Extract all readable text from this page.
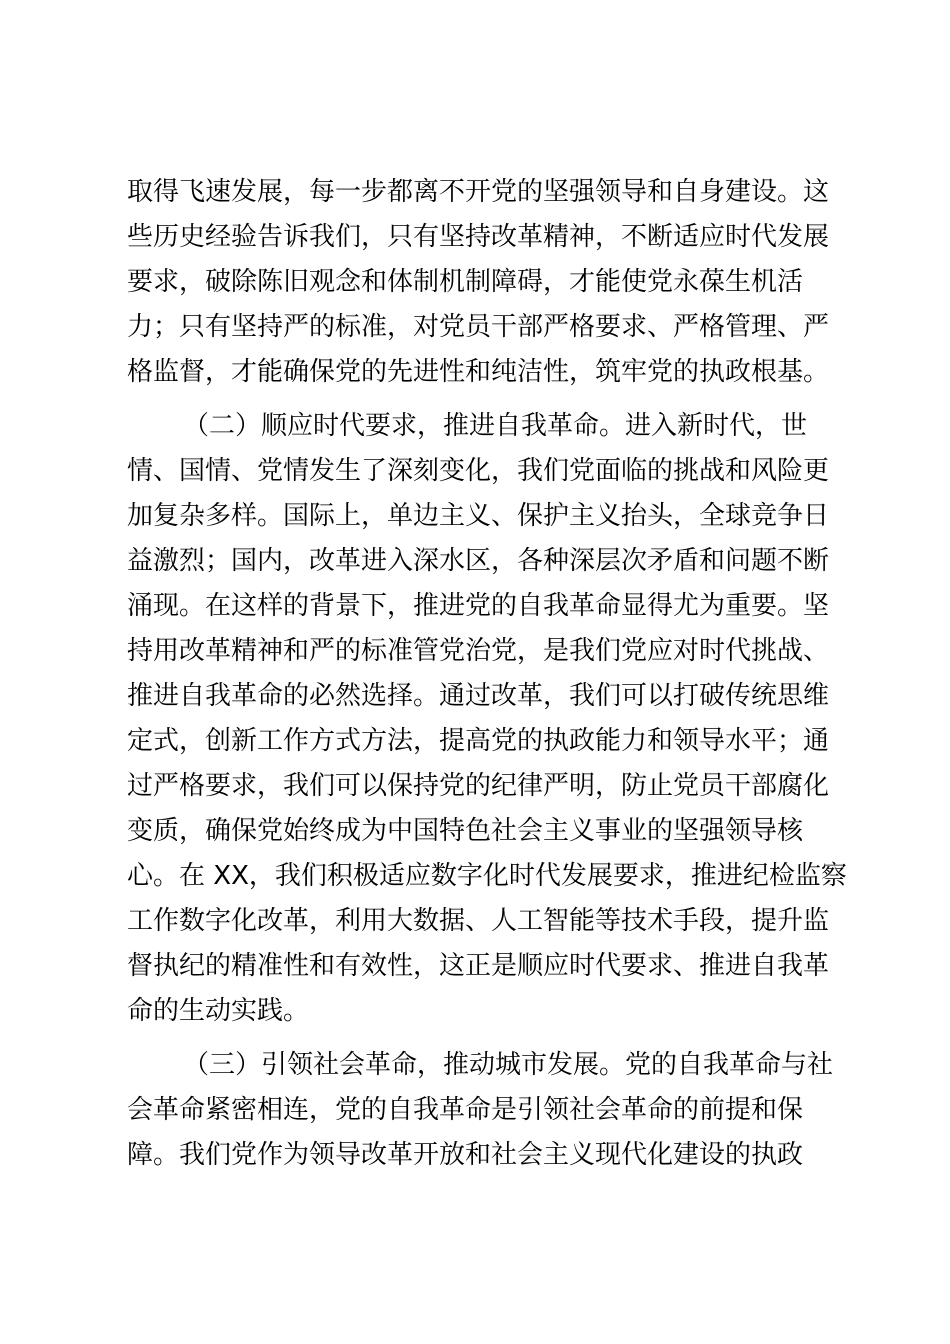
取得飞速发展，每一步都离不开党的坚强领导和自身建设。这
些历史经验告诉我们，只有坚持改革精神，不断适应时代发展
要求，破除陈旧观念和体制机制障碍，才能使党永葆生机活
力；只有坚持严的标准，对党员干部严格要求、严格管理、严
格监督，才能确保党的先进性和纯洁性，筑牢党的执政根基。
（二）顺应时代要求，推进自我革命。进入新时代，世
情、国情、党情发生了深刻变化，我们党面临的挑战和风险更
加复杂多样。国际上，单边主义、保护主义抬头，全球竞争日
益激烈；国内，改革进入深水区，各种深层次矛盾和问题不断
涌现。在这样的背景下，推进党的自我革命显得尤为重要。坚
持用改革精神和严的标准管党治党，是我们党应对时代挑战、
推进自我革命的必然选择。通过改革，我们可以打破传统思维
定式，创新工作方式方法，提高党的执政能力和领导水平；通
过严格要求，我们可以保持党的纪律严明，防止党员干部腐化
变质，确保党始终成为中国特色社会主义事业的坚强领导核
心。在 XX，我们积极适应数字化时代发展要求，推进纪检监察
工作数字化改革，利用大数据、人工智能等技术手段，提升监
督执纪的精准性和有效性，这正是顺应时代要求、推进自我革
命的生动实践。
（三）引领社会革命，推动城市发展。党的自我革命与社
会革命紧密相连，党的自我革命是引领社会革命的前提和保
障。我们党作为领导改革开放和社会主义现代化建设的执政
